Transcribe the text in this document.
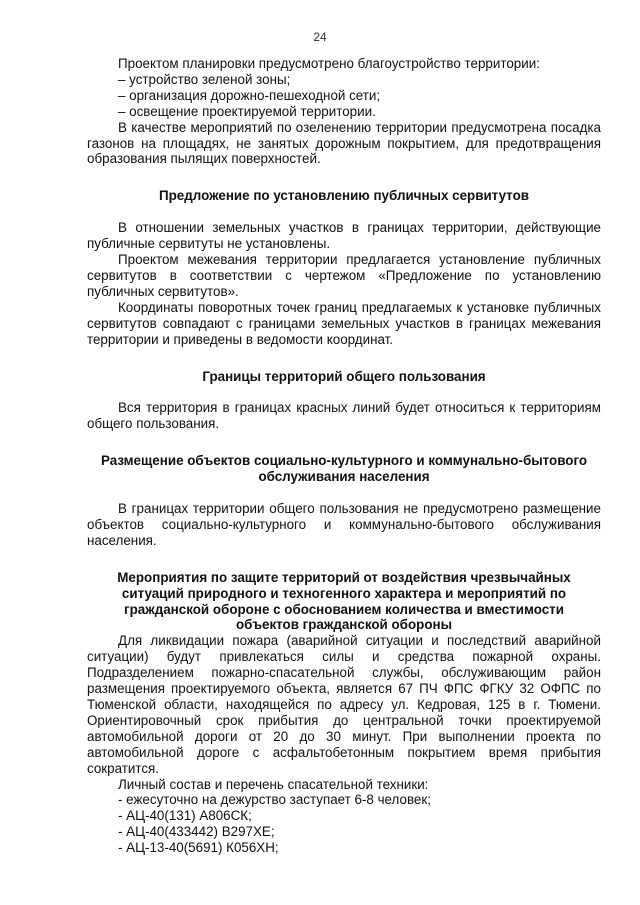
24

Проектом планировки предусмотрено благоустройство территории:

– устройство зеленой зоны;

– организация дорожно-пешеходной сети;

– освещение проектируемой территории.

В качестве мероприятий по озеленению территории предусмотрена посадка газонов на площадях, не занятых дорожным покрытием, для предотвращения образования пылящих поверхностей.

Предложение по установлению публичных сервитутов

В отношении земельных участков в границах территории, действующие публичные сервитуты не установлены.

Проектом межевания территории предлагается установление публичных сервитутов в соответствии с чертежом «Предложение по установлению публичных сервитутов».

Координаты поворотных точек границ предлагаемых к установке публичных сервитутов совпадают с границами земельных участков в границах межевания территории и приведены в ведомости координат.

Границы территорий общего пользования

Вся территория в границах красных линий будет относиться к территориям общего пользования.

Размещение объектов социально-культурного и коммунально-бытового

обслуживания населения

В границах территории общего пользования не предусмотрено размещение объектов социально-культурного и коммунально-бытового обслуживания населения.

Мероприятия по защите территорий от воздействия чрезвычайных

ситуаций природного и техногенного характера и мероприятий по

гражданской обороне с обоснованием количества и вместимости

объектов гражданской обороны

Для ликвидации пожара (аварийной ситуации и последствий аварийной ситуации) будут привлекаться силы и средства пожарной охраны. Подразделением пожарно-спасательной службы, обслуживающим район размещения проектируемого объекта, является 67 ПЧ ФПС ФГКУ 32 ОФПС по Тюменской области, находящейся по адресу ул. Кедровая, 125 в г. Тюмени. Ориентировочный срок прибытия до центральной точки проектируемой автомобильной дороги от 20 до 30 минут. При выполнении проекта по автомобильной дороге с асфальтобетонным покрытием время прибытия сократится.

Личный состав и перечень спасательной техники:

- ежесуточно на дежурство заступает 6-8 человек;

- АЦ-40(131) А806СК;

- АЦ-40(433442) В297ХЕ;

- АЦ-13-40(5691) К056ХН;
